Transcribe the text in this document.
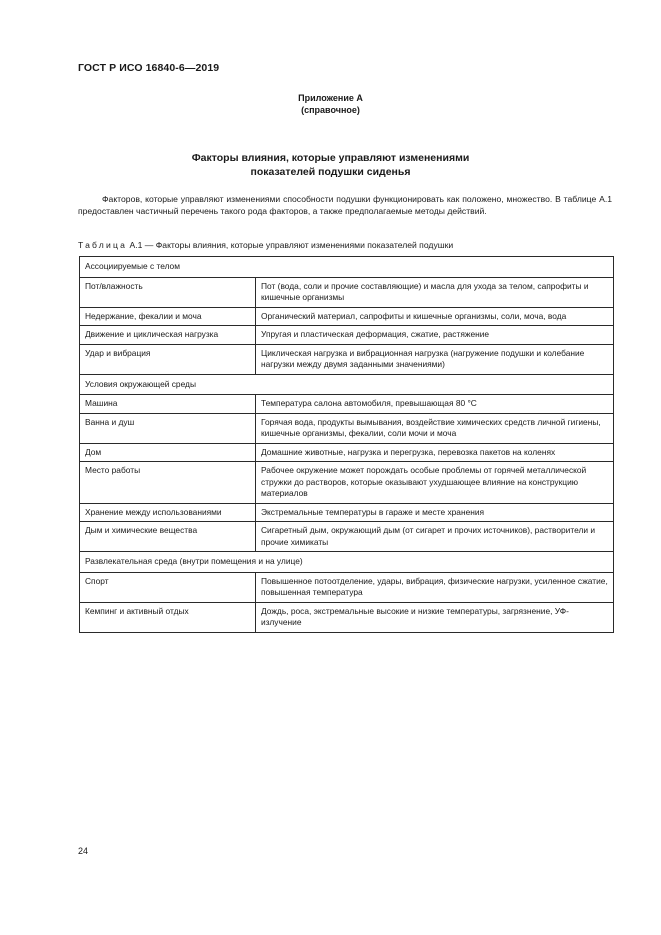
ГОСТ Р ИСО 16840-6—2019
Приложение А
(справочное)
Факторы влияния, которые управляют изменениями
показателей подушки сиденья

Факторов, которые управляют изменениями способности подушки функционировать как положено, множество. В таблице А.1 предоставлен частичный перечень такого рода факторов, а также предполагаемые методы действий.

Таблица А.1 — Факторы влияния, которые управляют изменениями показателей подушки
Ассоциируемые с телом	
Пот/влажность	Пот (вода, соли и прочие составляющие) и масла для ухода за телом, сапрофиты и кишечные организмы
Недержание, фекалии и моча	Органический материал, сапрофиты и кишечные организмы, соли, моча, вода
Движение и циклическая нагрузка	Упругая и пластическая деформация, сжатие, растяжение
Удар и вибрация	Циклическая нагрузка и вибрационная нагрузка (нагружение подушки и колебание нагрузки между двумя заданными значениями)
Условия окружающей среды	
Машина	Температура салона автомобиля, превышающая 80 °С
Ванна и душ	Горячая вода, продукты вымывания, воздействие химических средств личной гигиены, кишечные организмы, фекалии, соли мочи и моча
Дом	Домашние животные, нагрузка и перегрузка, перевозка пакетов на коленях
Место работы	Рабочее окружение может порождать особые проблемы от горячей металлической стружки до растворов, которые оказывают ухудшающее влияние на конструкцию материалов
Хранение между использованиями	Экстремальные температуры в гараже и месте хранения
Дым и химические вещества	Сигаретный дым, окружающий дым (от сигарет и прочих источников), растворители и прочие химикаты
Развлекательная среда (внутри помещения и на улице)	
Спорт	Повышенное потоотделение, удары, вибрация, физические нагрузки, усиленное сжатие, повышенная температура
Кемпинг и активный отдых	Дождь, роса, экстремальные высокие и низкие температуры, загрязнение, УФ-излучение
24
